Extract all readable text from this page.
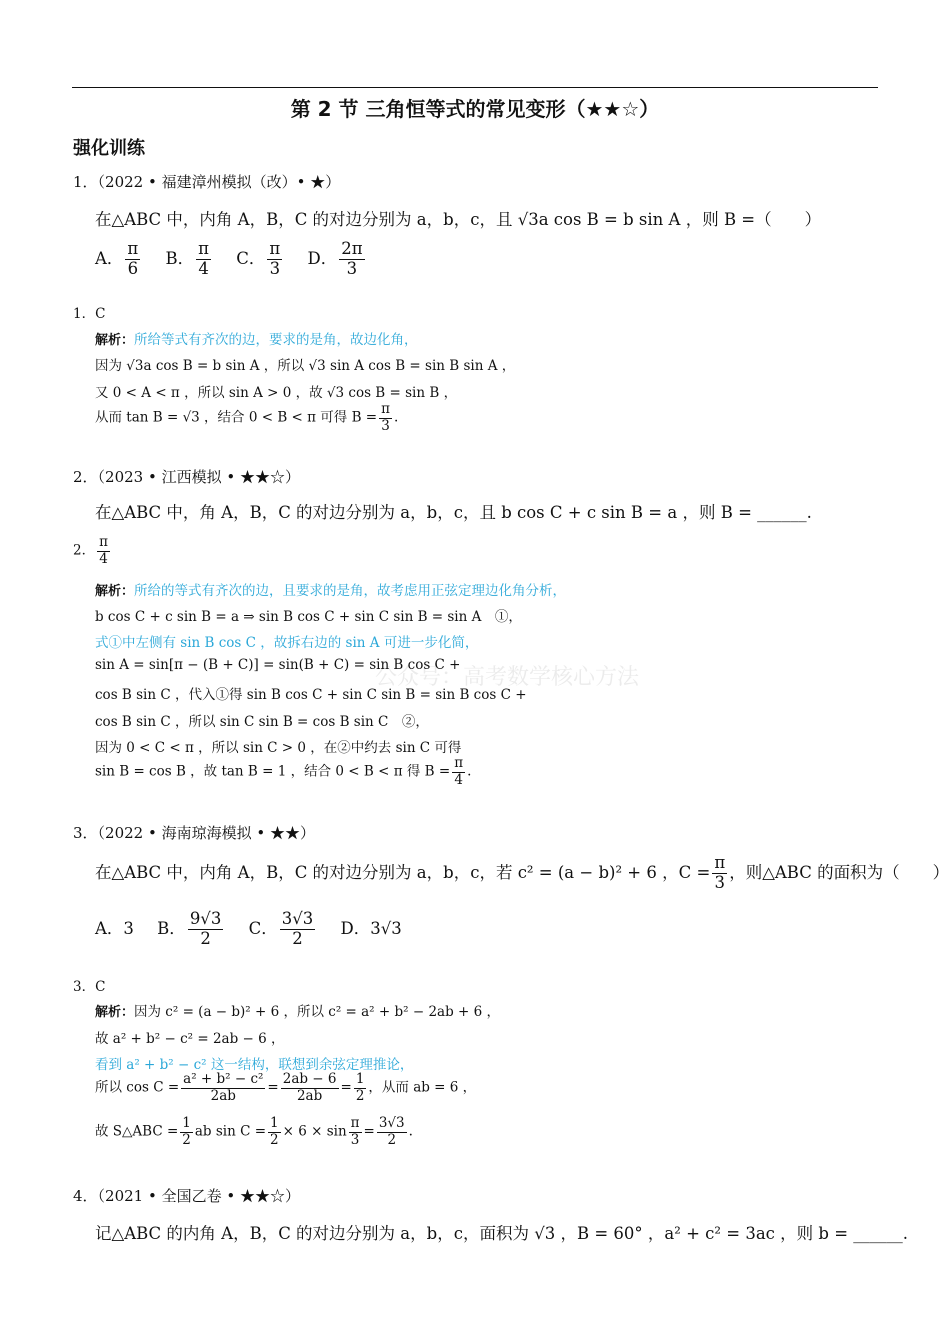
第 2 节 三角恒等式的常见变形（★★☆）
强化训练
公众号：高考数学核心方法
1．（2022 • 福建漳州模拟（改）• ★）
在△ABC 中，内角 A，B，C 的对边分别为 a，b，c，且 √3a cos B = b sin A ，则 B =（　　）
A． $\frac{\pi}{6}$ B． $\frac{\pi}{4}$ C． $\frac{\pi}{3}$ D． $\frac{2\pi}{3}$
1．C
解析：所给等式有齐次的边，要求的是角，故边化角，
因为 √3a cos B = b sin A ，所以 √3 sin A cos B = sin B sin A ，
又 0 < A < π ，所以 sin A > 0 ，故 √3 cos B = sin B ，
从而 tan B = √3 ，结合 0 < B < π 可得 $B = \frac{\pi}{3}$ .
2．（2023 • 江西模拟 • ★★☆）
在△ABC 中，角 A，B，C 的对边分别为 a，b，c，且 b cos C + c sin B = a ，则 B = ______.
2． $\frac{\pi}{4}$
解析：所给的等式有齐次的边，且要求的是角，故考虑用正弦定理边化角分析，
b cos C + c sin B = a ⇒ sin B cos C + sin C sin B = sin A　①，
式①中左侧有 sin B cos C ，故拆右边的 sin A 可进一步化简，
sin A = sin[π − (B + C)] = sin(B + C) = sin B cos C +
cos B sin C ，代入①得 sin B cos C + sin C sin B = sin B cos C +
cos B sin C ，所以 sin C sin B = cos B sin C　②，
因为 0 < C < π ，所以 sin C > 0 ，在②中约去 sin C 可得
sin B = cos B ，故 tan B = 1 ，结合 0 < B < π 得 $B = \frac{\pi}{4}$ .
3．（2022 • 海南琼海模拟 • ★★）
在△ABC 中，内角 A，B，C 的对边分别为 a，b，c，若 c² = (a − b)² + 6 ，$C = \frac{\pi}{3}$ ，则△ABC 的面积为（　　）
A．3 B． $\frac{9√3}{2}$ C． $\frac{3√3}{2}$ D．3√3
3．C
解析：因为 c² = (a − b)² + 6 ，所以 c² = a² + b² − 2ab + 6 ，
故 a² + b² − c² = 2ab − 6 ，
看到 a² + b² − c² 这一结构，联想到余弦定理推论，
所以 $\cos C = \frac{\text{a² + b² − c²}}{2ab} = \frac{2ab - 6}{2ab} = \frac{1}{2}$ ，从而 ab = 6 ，
故 S△ABC = $\frac{1}{2}$ ab $\sin C = \frac{1}{2} \times 6 \times \sin \frac{\pi}{3} = \frac{3√3}{2}$ .
4．（2021 • 全国乙卷 • ★★☆）
记△ABC 的内角 A，B，C 的对边分别为 a，b，c，面积为 √3 ，B = 60° ，a² + c² = 3ac ，则 b = ______.
